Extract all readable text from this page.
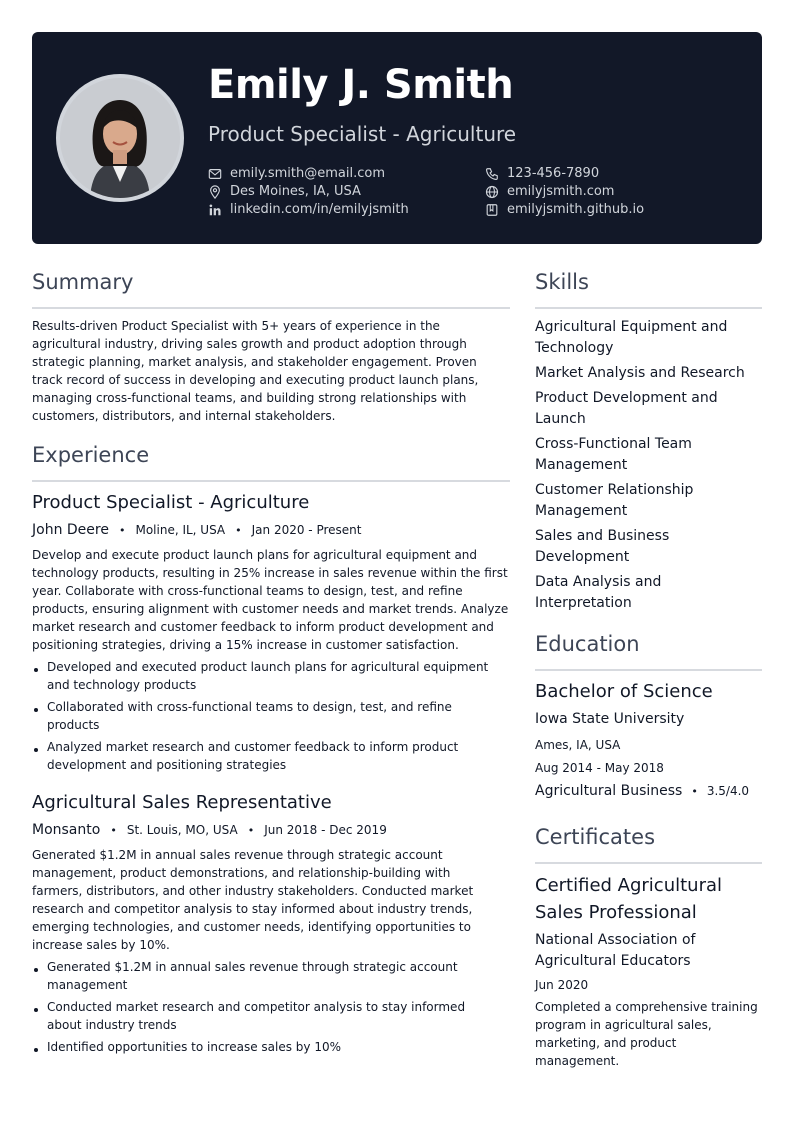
Emily J. Smith
Product Specialist - Agriculture
emily.smith@email.com
Des Moines, IA, USA
linkedin.com/in/emilyjsmith
123-456-7890
emilyjsmith.com
emilyjsmith.github.io
Summary
Results-driven Product Specialist with 5+ years of experience in the agricultural industry, driving sales growth and product adoption through strategic planning, market analysis, and stakeholder engagement. Proven track record of success in developing and executing product launch plans, managing cross-functional teams, and building strong relationships with customers, distributors, and internal stakeholders.
Experience
Product Specialist - Agriculture
John Deere • Moline, IL, USA • Jan 2020 - Present
Develop and execute product launch plans for agricultural equipment and technology products, resulting in 25% increase in sales revenue within the first year. Collaborate with cross-functional teams to design, test, and refine products, ensuring alignment with customer needs and market trends. Analyze market research and customer feedback to inform product development and positioning strategies, driving a 15% increase in customer satisfaction.
Developed and executed product launch plans for agricultural equipment and technology products
Collaborated with cross-functional teams to design, test, and refine products
Analyzed market research and customer feedback to inform product development and positioning strategies
Agricultural Sales Representative
Monsanto • St. Louis, MO, USA • Jun 2018 - Dec 2019
Generated $1.2M in annual sales revenue through strategic account management, product demonstrations, and relationship-building with farmers, distributors, and other industry stakeholders. Conducted market research and competitor analysis to stay informed about industry trends, emerging technologies, and customer needs, identifying opportunities to increase sales by 10%.
Generated $1.2M in annual sales revenue through strategic account management
Conducted market research and competitor analysis to stay informed about industry trends
Identified opportunities to increase sales by 10%
Skills
Agricultural Equipment and Technology
Market Analysis and Research
Product Development and Launch
Cross-Functional Team Management
Customer Relationship Management
Sales and Business Development
Data Analysis and Interpretation
Education
Bachelor of Science
Iowa State University
Ames, IA, USA
Aug 2014 - May 2018
Agricultural Business • 3.5/4.0
Certificates
Certified Agricultural Sales Professional
National Association of Agricultural Educators
Jun 2020
Completed a comprehensive training program in agricultural sales, marketing, and product management.
